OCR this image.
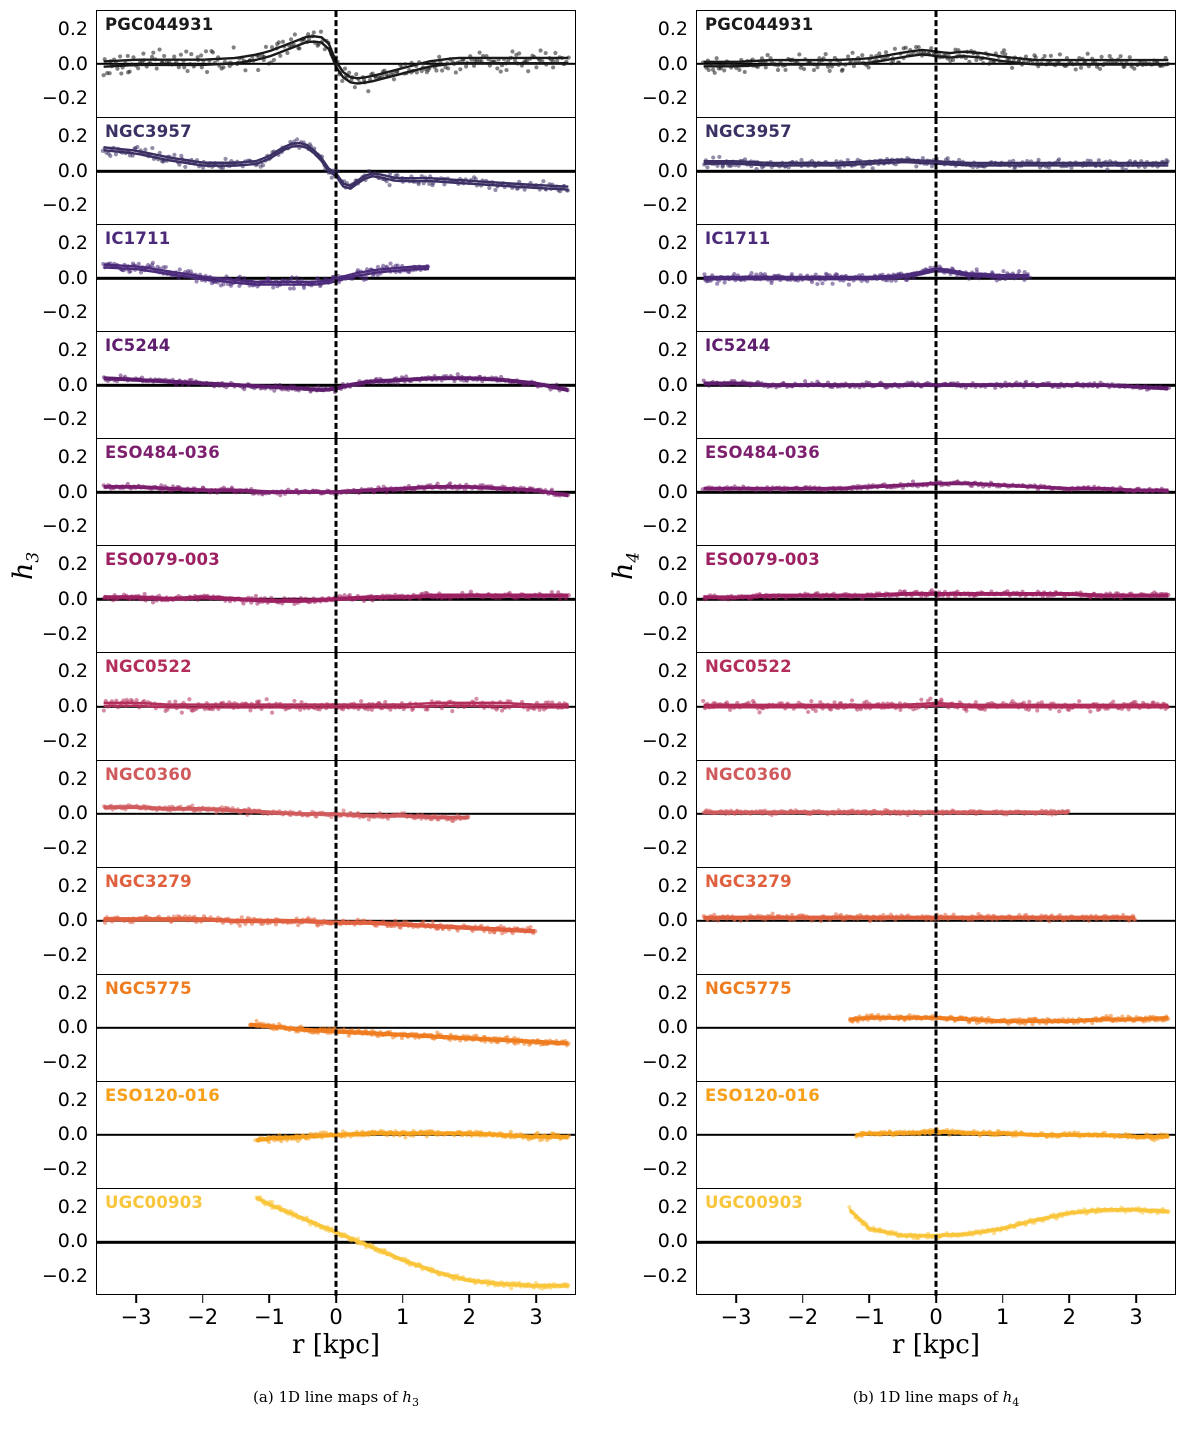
$h_3$
0.2
0.0
−0.2
0.2
0.0
−0.2
0.2
0.0
−0.2
0.2
0.0
−0.2
0.2
0.0
−0.2
0.2
0.0
−0.2
0.2
0.0
−0.2
0.2
0.0
−0.2
0.2
0.0
−0.2
0.2
0.0
−0.2
0.2
0.0
−0.2
0.2
0.0
−0.2
PGC044931
NGC3957
IC1711
IC5244
ESO484-036
ESO079-003
NGC0522
NGC0360
NGC3279
NGC5775
ESO120-016
UGC00903
−3 −2 −1 0	1	2	3
r [kpc]
(a) 1D line maps of $h_3$
$h_4$
0.2
0.0
−0.2
0.2
0.0
−0.2
0.2
0.0
−0.2
0.2
0.0
−0.2
0.2
0.0
−0.2
0.2
0.0
−0.2
0.2
0.0
−0.2
0.2
0.0
−0.2
0.2
0.0
−0.2
0.2
0.0
−0.2
0.2
0.0
−0.2
0.2
0.0
−0.2
PGC044931
NGC3957
IC1711
IC5244
ESO484-036
ESO079-003
NGC0522
NGC0360
NGC3279
NGC5775
ESO120-016
UGC00903
−3 −2 −1 0	1	2	3
r [kpc]
(b) 1D line maps of $h_4$
